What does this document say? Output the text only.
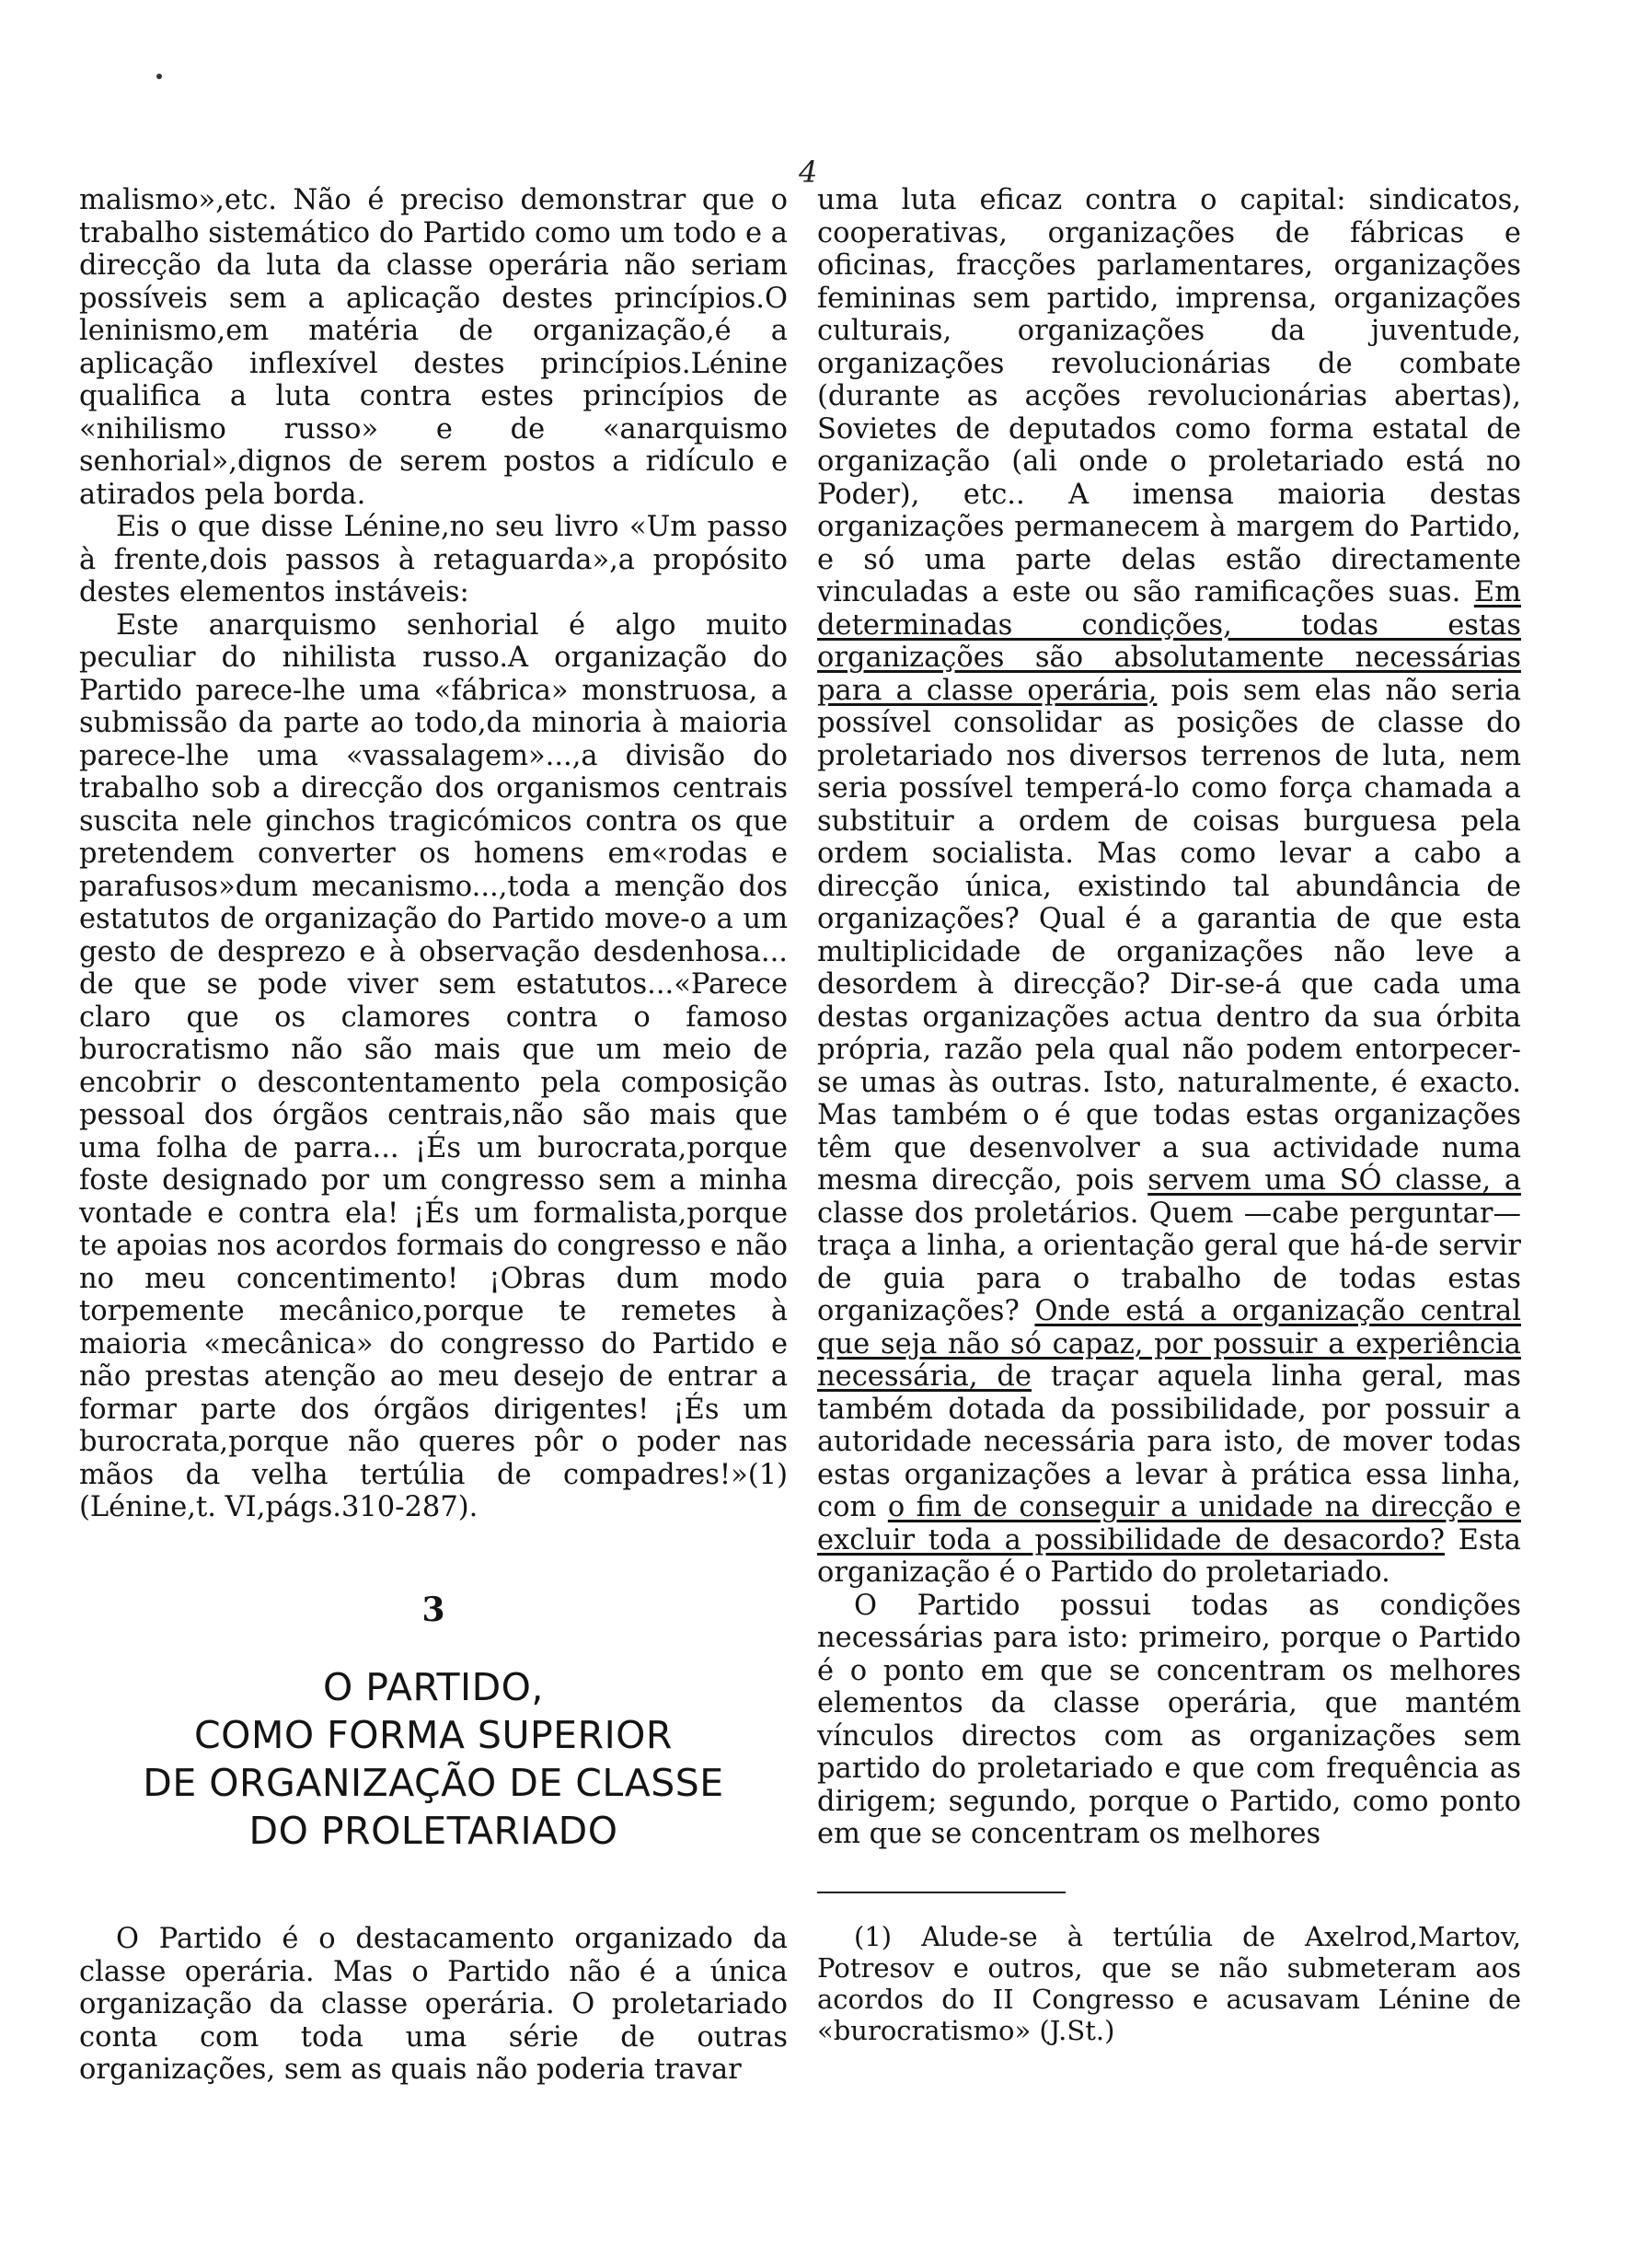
4

malismo»,etc. Não é preciso demonstrar que o trabalho sistemático do Partido como um todo e a direcção da luta da classe operária não seriam possíveis sem a aplicação destes princípios.O leninismo,em matéria de organização,é a aplicação inflexível destes princípios.Lénine qualifica a luta contra estes princípios de «nihilismo russo» e de «anarquismo senhorial»,dignos de serem postos a ridículo e atirados pela borda.

Eis o que disse Lénine,no seu livro «Um passo à frente,dois passos à retaguarda»,a propósito destes elementos instáveis:

Este anarquismo senhorial é algo muito peculiar do nihilista russo.A organização do Partido parece-lhe uma «fábrica» monstruosa, a submissão da parte ao todo,da minoria à maioria parece-lhe uma «vassalagem»...,a divisão do trabalho sob a direcção dos organismos centrais suscita nele ginchos tragicómicos contra os que pretendem converter os homens em«rodas e parafusos»dum mecanismo...,toda a menção dos estatutos de organização do Partido move-o a um gesto de desprezo e à observação desdenhosa... de que se pode viver sem estatutos...«Parece claro que os clamores contra o famoso burocratismo não são mais que um meio de encobrir o descontentamento pela composição pessoal dos órgãos centrais,não são mais que uma folha de parra... ¡És um burocrata,porque foste designado por um congresso sem a minha vontade e contra ela! ¡És um formalista,porque te apoias nos acordos formais do congresso e não no meu concentimento! ¡Obras dum modo torpemente mecânico,porque te remetes à maioria «mecânica» do congresso do Partido e não prestas atenção ao meu desejo de entrar a formar parte dos órgãos dirigentes! ¡És um burocrata,porque não queres pôr o poder nas mãos da velha tertúlia de compadres!»(1) (Lénine,t. VI,págs.310-287).

3
O PARTIDO,
COMO FORMA SUPERIOR
DE ORGANIZAÇÃO DE CLASSE
DO PROLETARIADO

O Partido é o destacamento organizado da classe operária. Mas o Partido não é a única organização da classe operária. O proletariado conta com toda uma série de outras organizações, sem as quais não poderia travar

uma luta eficaz contra o capital: sindicatos, cooperativas, organizações de fábricas e oficinas, fracções parlamentares, organizações femininas sem partido, imprensa, organizações culturais, organizações da juventude, organizações revolucionárias de combate (durante as acções revolucionárias abertas), Sovietes de deputados como forma estatal de organização (ali onde o proletariado está no Poder), etc.. A imensa maioria destas organizações permanecem à margem do Partido, e só uma parte delas estão directamente vinculadas a este ou são ramificações suas. Em determinadas condições, todas estas organizações são absolutamente necessárias para a classe operária, pois sem elas não seria possível consolidar as posições de classe do proletariado nos diversos terrenos de luta, nem seria possível temperá-lo como força chamada a substituir a ordem de coisas burguesa pela ordem socialista. Mas como levar a cabo a direcção única, existindo tal abundância de organizações? Qual é a garantia de que esta multiplicidade de organizações não leve a desordem à direcção? Dir-se-á que cada uma destas organizações actua dentro da sua órbita própria, razão pela qual não podem entorpecer-se umas às outras. Isto, naturalmente, é exacto. Mas também o é que todas estas organizações têm que desenvolver a sua actividade numa mesma direcção, pois servem uma SÓ classe, a classe dos proletários. Quem —cabe perguntar— traça a linha, a orientação geral que há-de servir de guia para o trabalho de todas estas organizações? Onde está a organização central que seja não só capaz, por possuir a experiência necessária, de traçar aquela linha geral, mas também dotada da possibilidade, por possuir a autoridade necessária para isto, de mover todas estas organizações a levar à prática essa linha, com o fim de conseguir a unidade na direcção e excluir toda a possibilidade de desacordo? Esta organização é o Partido do proletariado.

O Partido possui todas as condições necessárias para isto: primeiro, porque o Partido é o ponto em que se concentram os melhores elementos da classe operária, que mantém vínculos directos com as organizações sem partido do proletariado e que com frequência as dirigem; segundo, porque o Partido, como ponto em que se concentram os melhores

(1) Alude-se à tertúlia de Axelrod,Martov, Potresov e outros, que se não submeteram aos acordos do II Congresso e acusavam Lénine de «burocratismo» (J.St.)
